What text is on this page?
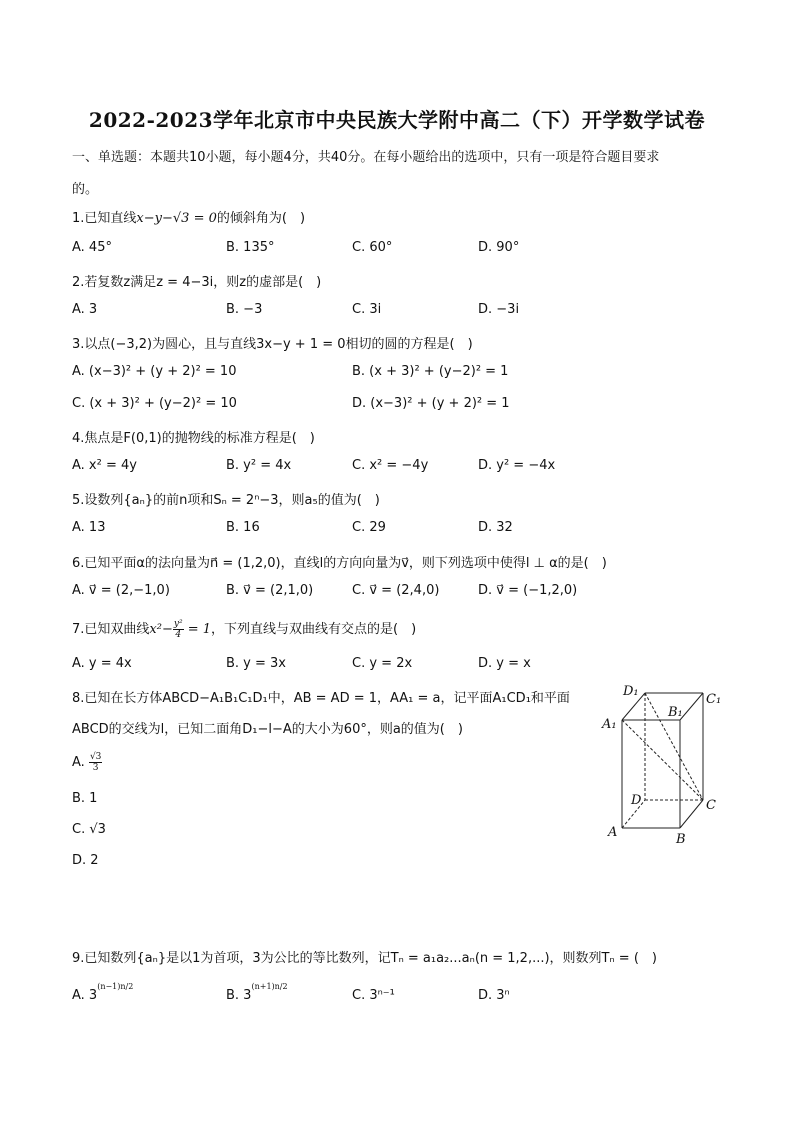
2022-2023学年北京市中央民族大学附中高二（下）开学数学试卷
一、单选题：本题共10小题，每小题4分，共40分。在每小题给出的选项中，只有一项是符合题目要求
的。
1.已知直线x−y−√3 = 0的倾斜角为(　)
A. 45°	B. 135°	C. 60°	D. 90°
2.若复数z满足z = 4−3i，则z的虚部是(　)
A. 3	B. −3	C. 3i	D. −3i
3.以点(−3,2)为圆心，且与直线3x−y + 1 = 0相切的圆的方程是(　)
A. (x−3)² + (y + 2)² = 10	B. (x + 3)² + (y−2)² = 1
C. (x + 3)² + (y−2)² = 10	D. (x−3)² + (y + 2)² = 1
4.焦点是F(0,1)的抛物线的标准方程是(　)
A. x² = 4y	B. y² = 4x	C. x² = −4y	D. y² = −4x
5.设数列{aₙ}的前n项和Sₙ = 2ⁿ−3，则a₅的值为(　)
A. 13	B. 16	C. 29	D. 32
6.已知平面α的法向量为n⃗ = (1,2,0)，直线l的方向向量为v⃗，则下列选项中使得l ⊥ α的是(　)
A. v⃗ = (2,−1,0)	B. v⃗ = (2,1,0)	C. v⃗ = (2,4,0)	D. v⃗ = (−1,2,0)
7.已知双曲线$x^2- \frac{\text{y²}}{4} = 1$，下列直线与双曲线有交点的是(　)
A. y = 4x	B. y = 3x	C. y = 2x	D. y = x
8.已知在长方体ABCD−A₁B₁C₁D₁中，AB = AD = 1，AA₁ = a，记平面A₁CD₁和平面
ABCD的交线为l，已知二面角D₁−l−A的大小为60°，则a的值为(　)
A. $\frac{√3}{3}$
B. 1
C. √3
D. 2
D₁
C₁
B₁
A₁
D	C
A	B
9.已知数列{aₙ}是以1为首项，3为公比的等比数列，记Tₙ = a₁a₂...aₙ(n = 1,2,...)，则数列Tₙ = (　)
A. $3^{(n-1)n/2}$
B. $3^{(n+1)n/2}$
C. 3ⁿ⁻¹	D. 3ⁿ
